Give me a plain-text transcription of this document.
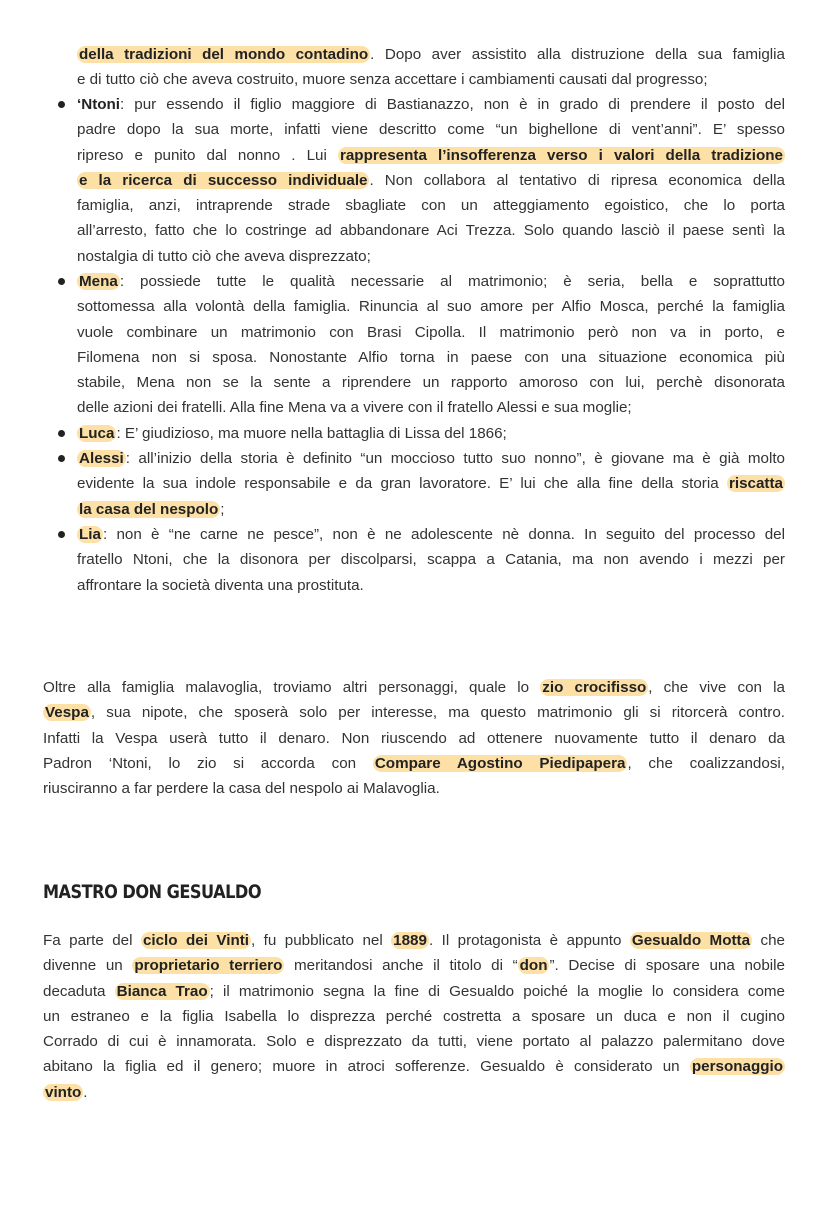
della tradizioni del mondo contadino . Dopo aver assistito alla distruzione della sua famiglia
e di tutto ciò che aveva costruito, muore senza accettare i cambiamenti causati dal progresso;
‘Ntoni: pur essendo il figlio maggiore di Bastianazzo, non è in grado di prendere il posto del
padre dopo la sua morte, infatti viene descritto come “un bighellone di vent’anni”. E’ spesso
ripreso e punito dal nonno . Lui rappresenta l’insofferenza verso i valori della tradizione
e la ricerca di successo individuale . Non collabora al tentativo di ripresa economica della
famiglia, anzi, intraprende strade sbagliate con un atteggiamento egoistico, che lo porta
all’arresto, fatto che lo costringe ad abbandonare Aci Trezza. Solo quando lasciò il paese sentì la
nostalgia di tutto ciò che aveva disprezzato;
Mena : possiede tutte le qualità necessarie al matrimonio; è seria, bella e soprattutto
sottomessa alla volontà della famiglia. Rinuncia al suo amore per Alfio Mosca, perché la famiglia
vuole combinare un matrimonio con Brasi Cipolla. Il matrimonio però non va in porto, e
Filomena non si sposa. Nonostante Alfio torna in paese con una situazione economica più
stabile, Mena non se la sente a riprendere un rapporto amoroso con lui, perchè disonorata
delle azioni dei fratelli. Alla fine Mena va a vivere con il fratello Alessi e sua moglie;
Luca : E’ giudizioso, ma muore nella battaglia di Lissa del 1866;
Alessi : all’inizio della storia è definito “un moccioso tutto suo nonno”, è giovane ma è già molto
evidente la sua indole responsabile e da gran lavoratore. E’ lui che alla fine della storia riscatta
la casa del nespolo ;
Lia : non è “ne carne ne pesce”, non è ne adolescente nè donna. In seguito del processo del
fratello Ntoni, che la disonora per discolparsi, scappa a Catania, ma non avendo i mezzi per
affrontare la società diventa una prostituta.
Oltre alla famiglia malavoglia, troviamo altri personaggi, quale lo zio crocifisso , che vive con la
Vespa , sua nipote, che sposerà solo per interesse, ma questo matrimonio gli si ritorcerà contro.
Infatti la Vespa userà tutto il denaro. Non riuscendo ad ottenere nuovamente tutto il denaro da
Padron ‘Ntoni, lo zio si accorda con Compare Agostino Piedipapera , che coalizzandosi,
riusciranno a far perdere la casa del nespolo ai Malavoglia.
MASTRO DON GESUALDO
Fa parte del ciclo dei Vinti , fu pubblicato nel 1889 . Il protagonista è appunto Gesualdo Motta che
divenne un proprietario terriero meritandosi anche il titolo di “ don ”. Decise di sposare una nobile
decaduta Bianca Trao ; il matrimonio segna la fine di Gesualdo poiché la moglie lo considera come
un estraneo e la figlia Isabella lo disprezza perché costretta a sposare un duca e non il cugino
Corrado di cui è innamorata. Solo e disprezzato da tutti, viene portato al palazzo palermitano dove
abitano la figlia ed il genero; muore in atroci sofferenze. Gesualdo è considerato un personaggio
vinto .
